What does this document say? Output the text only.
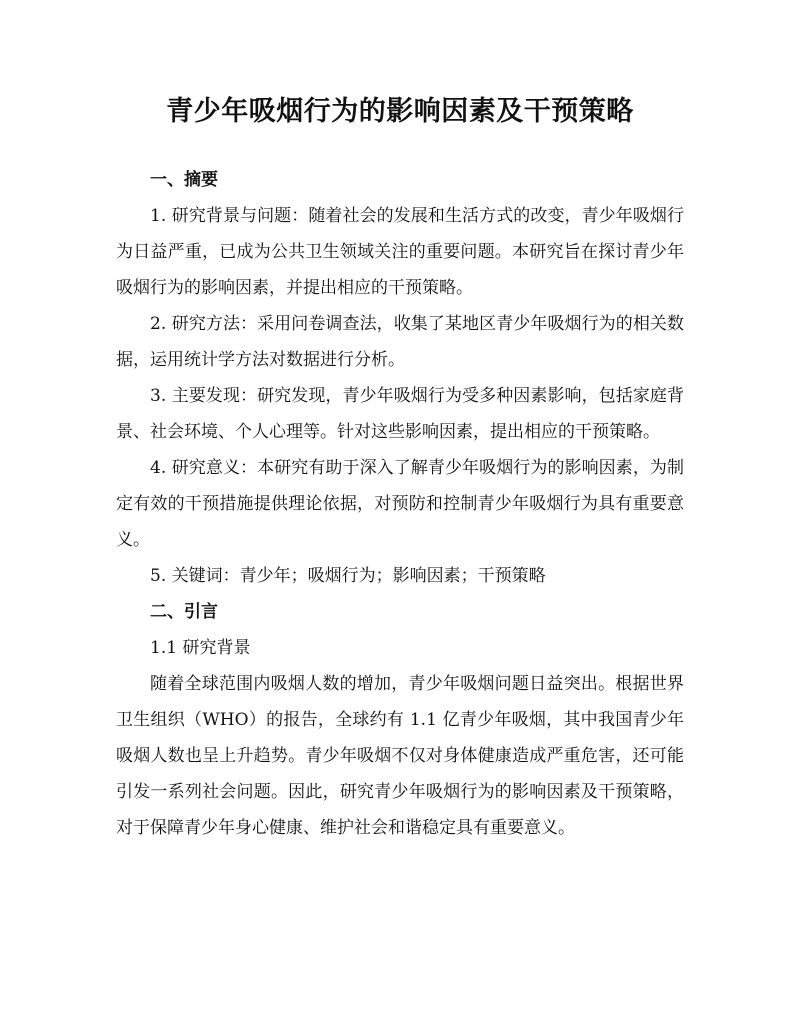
青少年吸烟行为的影响因素及干预策略

一、摘要

1. 研究背景与问题：随着社会的发展和生活方式的改变，青少年吸烟行为日益严重，已成为公共卫生领域关注的重要问题。本研究旨在探讨青少年吸烟行为的影响因素，并提出相应的干预策略。

2. 研究方法：采用问卷调查法，收集了某地区青少年吸烟行为的相关数据，运用统计学方法对数据进行分析。

3. 主要发现：研究发现，青少年吸烟行为受多种因素影响，包括家庭背景、社会环境、个人心理等。针对这些影响因素，提出相应的干预策略。

4. 研究意义：本研究有助于深入了解青少年吸烟行为的影响因素，为制定有效的干预措施提供理论依据，对预防和控制青少年吸烟行为具有重要意义。

5. 关键词：青少年；吸烟行为；影响因素；干预策略

二、引言

1.1 研究背景

随着全球范围内吸烟人数的增加，青少年吸烟问题日益突出。根据世界卫生组织（WHO）的报告，全球约有 1.1 亿青少年吸烟，其中我国青少年吸烟人数也呈上升趋势。青少年吸烟不仅对身体健康造成严重危害，还可能引发一系列社会问题。因此，研究青少年吸烟行为的影响因素及干预策略，对于保障青少年身心健康、维护社会和谐稳定具有重要意义。
